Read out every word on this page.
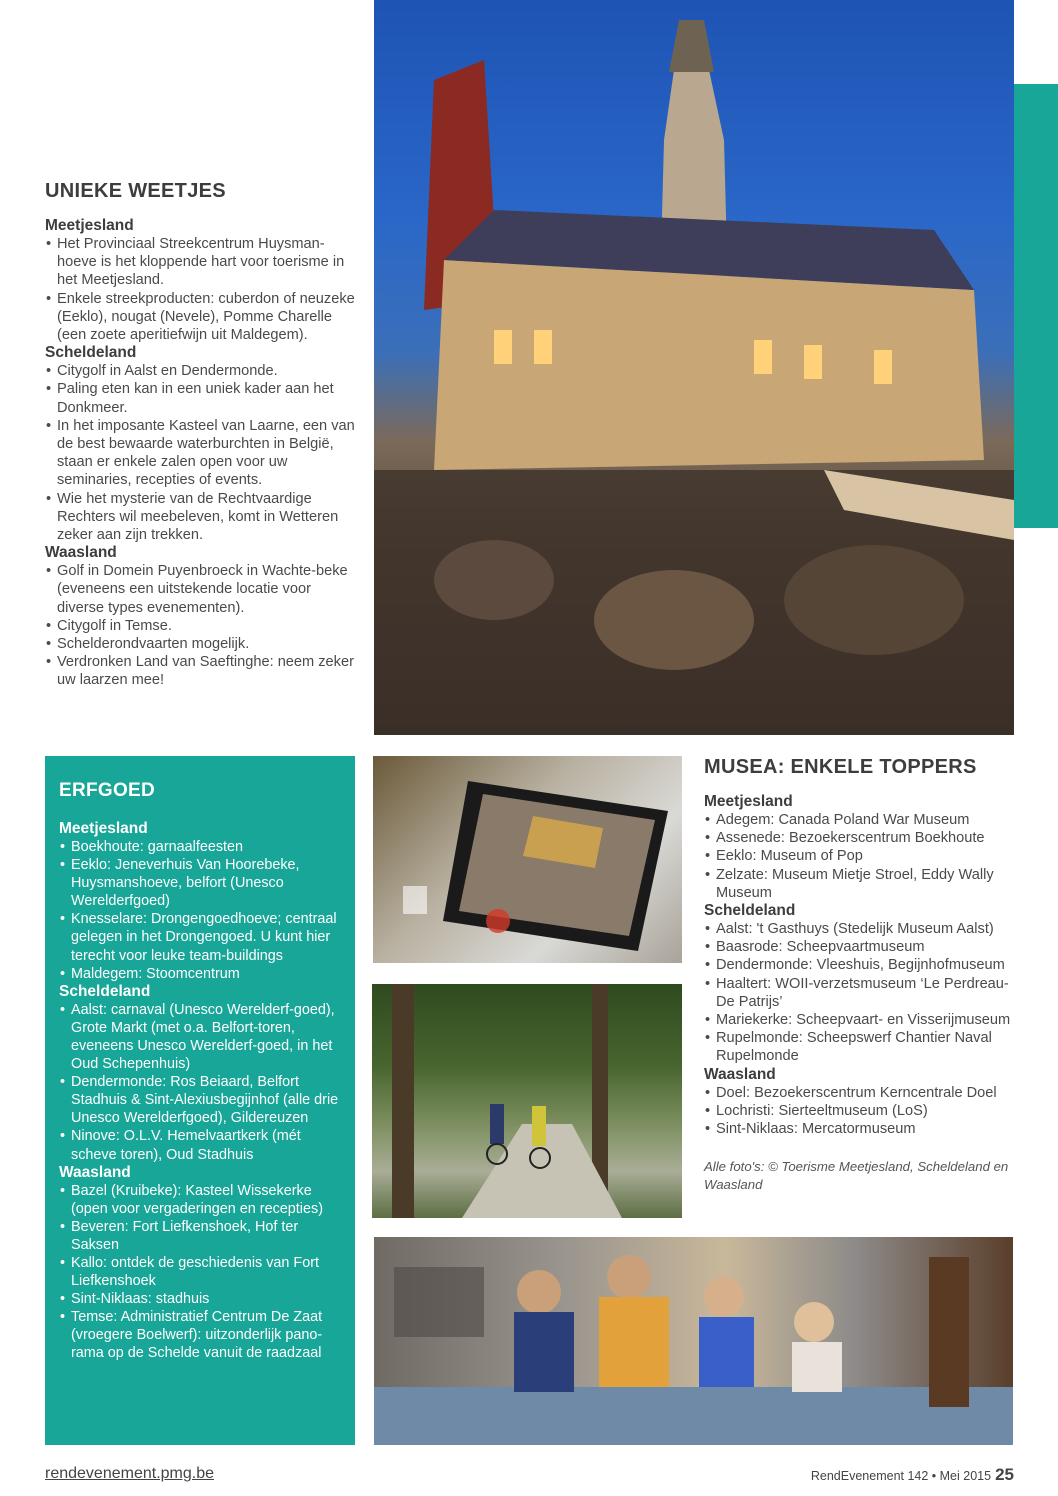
UNIEKE WEETJES
Meetjesland
• Het Provinciaal Streekcentrum Huysman-hoeve is het kloppende hart voor toerisme in het Meetjesland.
• Enkele streekproducten: cuberdon of neuzeke (Eeklo), nougat (Nevele), Pomme Charelle (een zoete aperitiefwijn uit Maldegem).
Scheldeland
• Citygolf in Aalst en Dendermonde.
• Paling eten kan in een uniek kader aan het Donkmeer.
• In het imposante Kasteel van Laarne, een van de best bewaarde waterburchten in België, staan er enkele zalen open voor uw seminaries, recepties of events.
• Wie het mysterie van de Rechtvaardige Rechters wil meebeleven, komt in Wetteren zeker aan zijn trekken.
Waasland
• Golf in Domein Puyenbroeck in Wachte-beke (eveneens een uitstekende locatie voor diverse types evenementen).
• Citygolf in Temse.
• Schelderondvaarten mogelijk.
• Verdronken Land van Saeftinghe: neem zeker uw laarzen mee!
ERFGOED
Meetjesland
• Boekhoute: garnaalfeesten
• Eeklo: Jeneverhuis Van Hoorebeke, Huysmanshoeve, belfort (Unesco Werelderfgoed)
• Knesselare: Drongengoedhoeve; centraal gelegen in het Drongengoed. U kunt hier terecht voor leuke team-buildings
• Maldegem: Stoomcentrum
Scheldeland
• Aalst: carnaval (Unesco Werelderf-goed), Grote Markt (met o.a. Belfort-toren, eveneens Unesco Werelderf-goed, in het Oud Schepenhuis)
• Dendermonde: Ros Beiaard, Belfort Stadhuis & Sint-Alexiusbegijnhof (alle drie Unesco Werelderfgoed), Gildereuzen
• Ninove: O.L.V. Hemelvaartkerk (mét scheve toren), Oud Stadhuis
Waasland
• Bazel (Kruibeke): Kasteel Wissekerke (open voor vergaderingen en recepties)
• Beveren: Fort Liefkenshoek, Hof ter Saksen
• Kallo: ontdek de geschiedenis van Fort Liefkenshoek
• Sint-Niklaas: stadhuis
• Temse: Administratief Centrum De Zaat (vroegere Boelwerf): uitzonderlijk pano-rama op de Schelde vanuit de raadzaal
MUSEA: ENKELE TOPPERS
Meetjesland
• Adegem: Canada Poland War Museum
• Assenede: Bezoekerscentrum Boekhoute
• Eeklo: Museum of Pop
• Zelzate: Museum Mietje Stroel, Eddy Wally Museum
Scheldeland
• Aalst: 't Gasthuys (Stedelijk Museum Aalst)
• Baasrode: Scheepvaartmuseum
• Dendermonde: Vleeshuis, Begijnhofmuseum
• Haaltert: WOII-verzetsmuseum ‘Le Perdreau-De Patrijs’
• Mariekerke: Scheepvaart- en Visserijmuseum
• Rupelmonde: Scheepswerf Chantier Naval Rupelmonde
Waasland
• Doel: Bezoekerscentrum Kerncentrale Doel
• Lochristi: Sierteeltmuseum (LoS)
• Sint-Niklaas: Mercatormuseum
Alle foto's: © Toerisme Meetjesland, Scheldeland en Waasland
rendevenement.pmg.be	RendEvenement 142 • Mei 2015 25
